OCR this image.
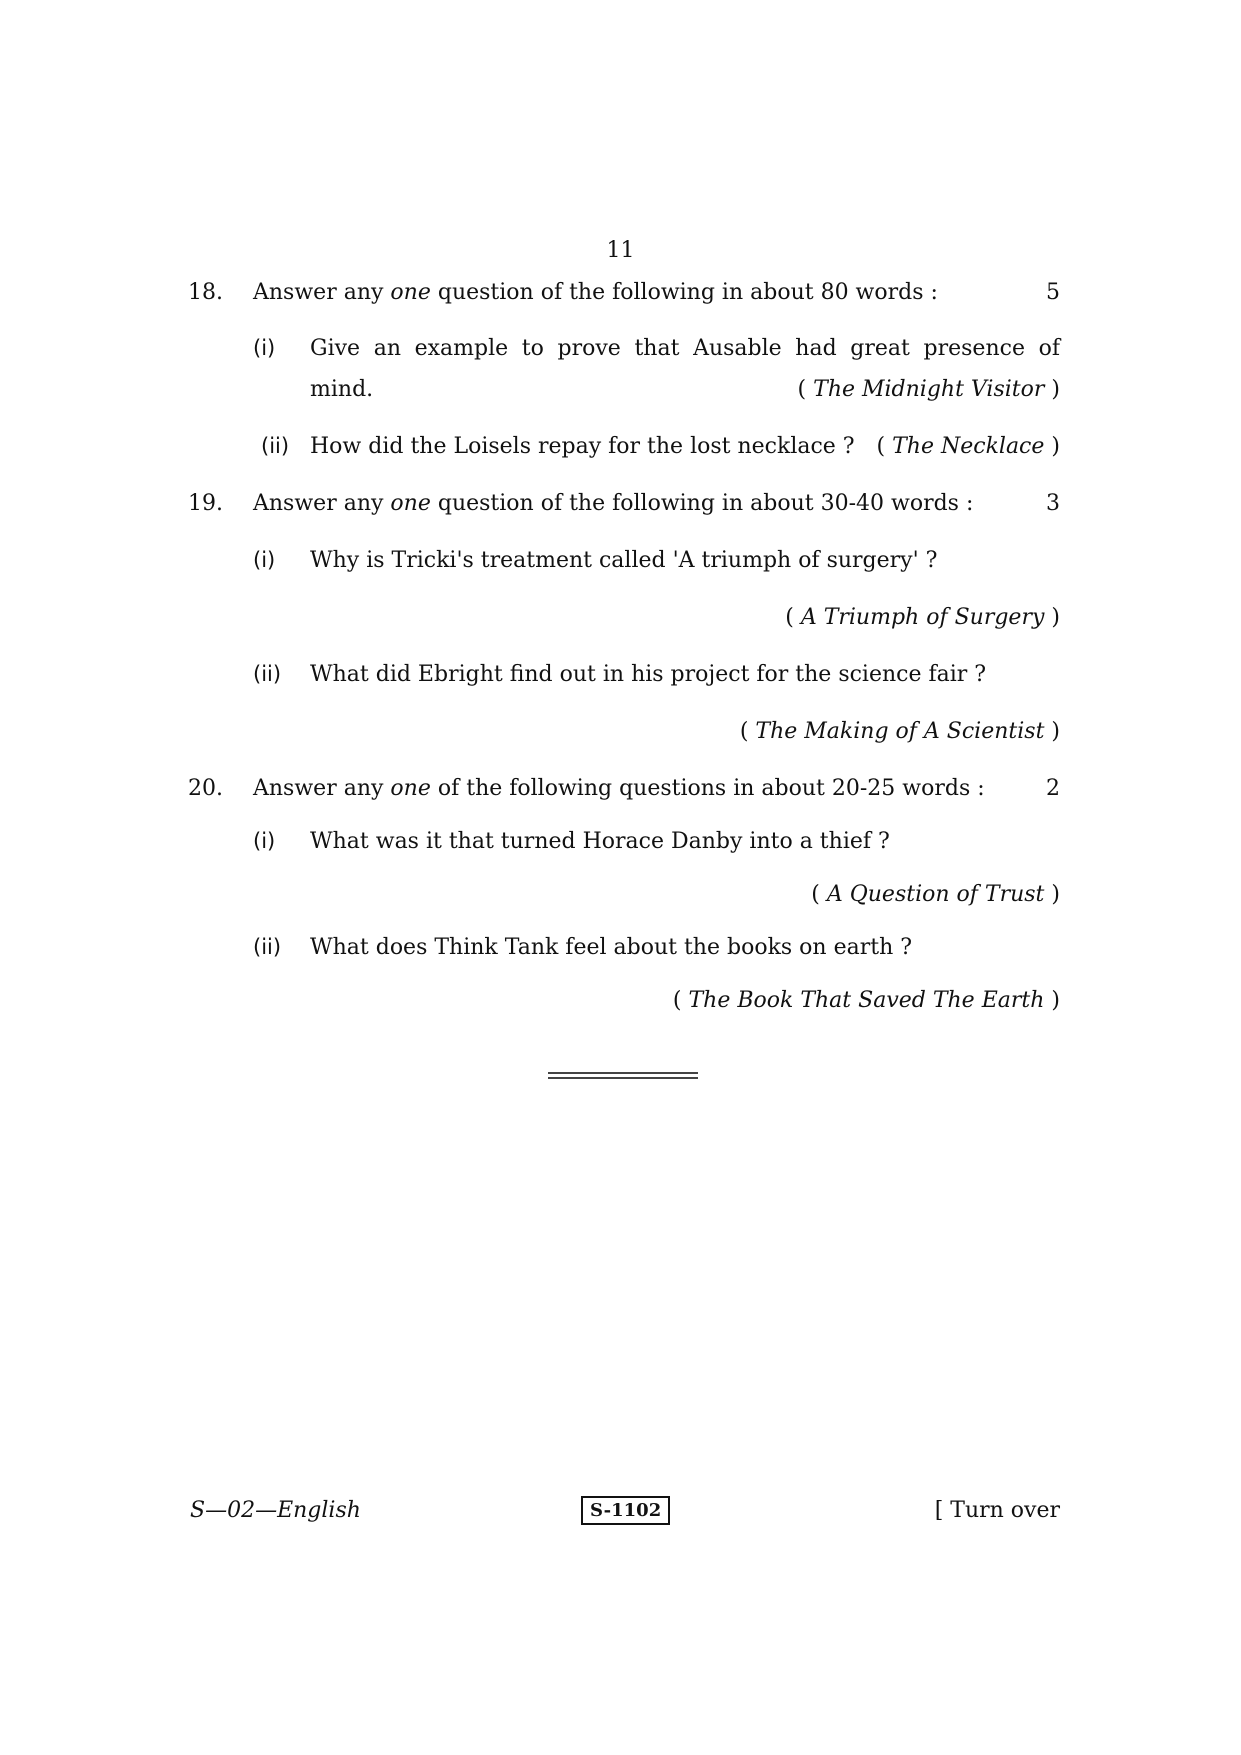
11
18. Answer any one question of the following in about 80 words :	5
(i) Give an example to prove that Ausable had great presence of
mind.	( The Midnight Visitor )
(ii) How did the Loisels repay for the lost necklace ? ( The Necklace )
19. Answer any one question of the following in about 30-40 words :	3
(i) Why is Tricki's treatment called 'A triumph of surgery' ?
( A Triumph of Surgery )
(ii) What did Ebright find out in his project for the science fair ?
( The Making of A Scientist )
20. Answer any one of the following questions in about 20-25 words :	2
(i) What was it that turned Horace Danby into a thief ?
( A Question of Trust )
(ii) What does Think Tank feel about the books on earth ?
( The Book That Saved The Earth )
S—02—English	S-1102	[ Turn over
